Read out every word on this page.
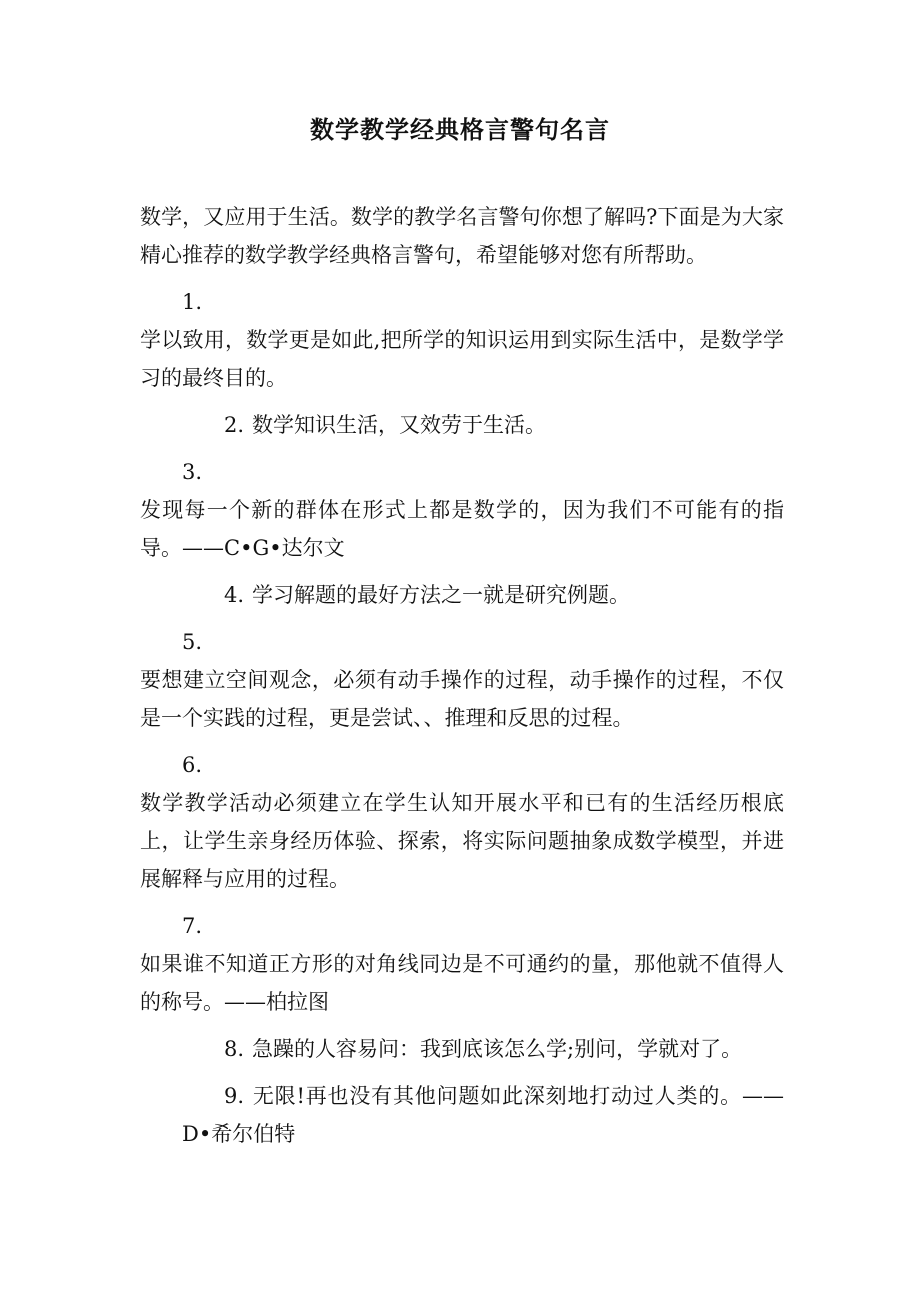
数学教学经典格言警句名言

数学，又应用于生活。数学的教学名言警句你想了解吗?下面是为大家精心推荐的数学教学经典格言警句，希望能够对您有所帮助。

1.
学以致用，数学更是如此,把所学的知识运用到实际生活中，是数学学习的最终目的。

2. 数学知识生活，又效劳于生活。

3.
发现每一个新的群体在形式上都是数学的，因为我们不可能有的指导。——C•G•达尔文

4. 学习解题的最好方法之一就是研究例题。

5.
要想建立空间观念，必须有动手操作的过程，动手操作的过程，不仅是一个实践的过程，更是尝试、、推理和反思的过程。

6.
数学教学活动必须建立在学生认知开展水平和已有的生活经历根底上，让学生亲身经历体验、探索，将实际问题抽象成数学模型，并进展解释与应用的过程。

7.
如果谁不知道正方形的对角线同边是不可通约的量，那他就不值得人的称号。——柏拉图

8. 急躁的人容易问：我到底该怎么学;别问，学就对了。

9. 无限!再也没有其他问题如此深刻地打动过人类的。——D•希尔伯特
